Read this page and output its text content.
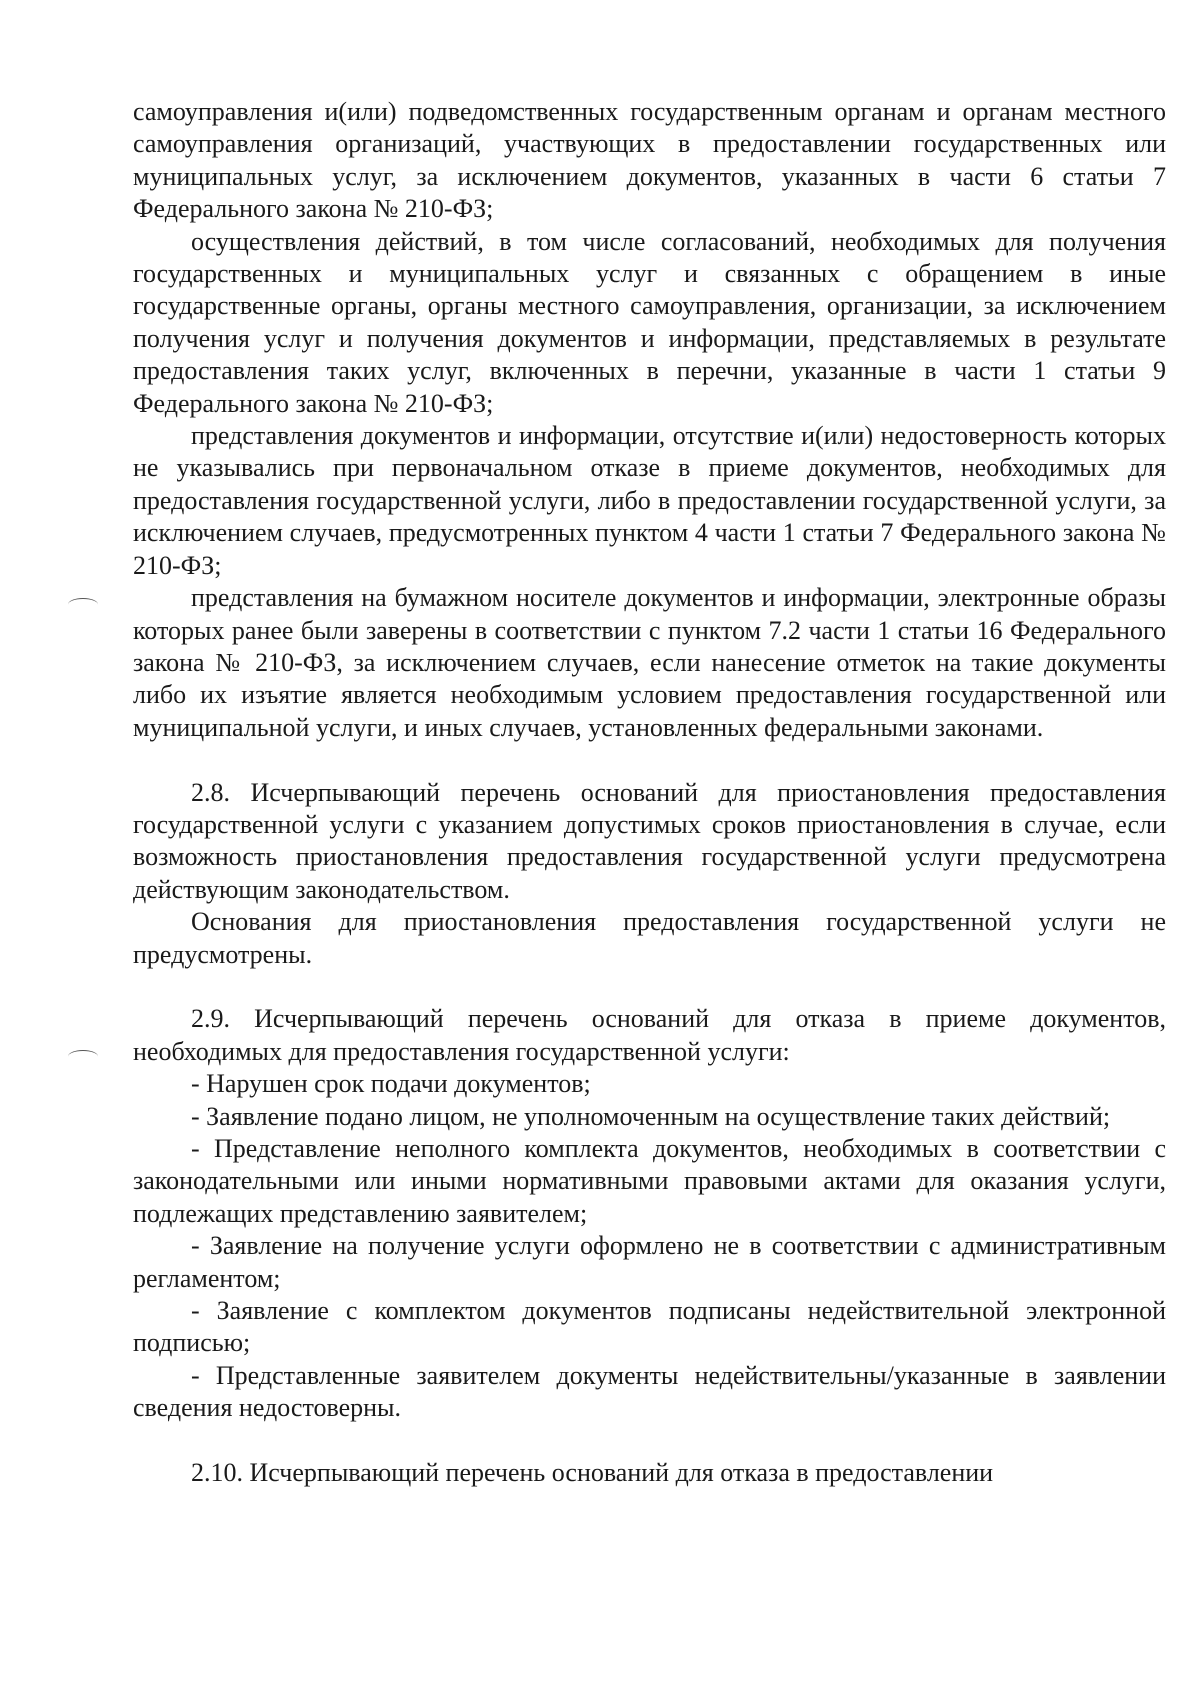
самоуправления и(или) подведомственных государственным органам и органам местного самоуправления организаций, участвующих в предоставлении государственных или муниципальных услуг, за исключением документов, указанных в части 6 статьи 7 Федерального закона № 210-ФЗ;

осуществления действий, в том числе согласований, необходимых для получения государственных и муниципальных услуг и связанных с обращением в иные государственные органы, органы местного самоуправления, организации, за исключением получения услуг и получения документов и информации, представляемых в результате предоставления таких услуг, включенных в перечни, указанные в части 1 статьи 9 Федерального закона № 210-ФЗ;

представления документов и информации, отсутствие и(или) недостоверность которых не указывались при первоначальном отказе в приеме документов, необходимых для предоставления государственной услуги, либо в предоставлении государственной услуги, за исключением случаев, предусмотренных пунктом 4 части 1 статьи 7 Федерального закона № 210-ФЗ;

представления на бумажном носителе документов и информации, электронные образы которых ранее были заверены в соответствии с пунктом 7.2 части 1 статьи 16 Федерального закона № 210-ФЗ, за исключением случаев, если нанесение отметок на такие документы либо их изъятие является необходимым условием предоставления государственной или муниципальной услуги, и иных случаев, установленных федеральными законами.

2.8. Исчерпывающий перечень оснований для приостановления предоставления государственной услуги с указанием допустимых сроков приостановления в случае, если возможность приостановления предоставления государственной услуги предусмотрена действующим законодательством.

Основания для приостановления предоставления государственной услуги не предусмотрены.

2.9. Исчерпывающий перечень оснований для отказа в приеме документов, необходимых для предоставления государственной услуги:

- Нарушен срок подачи документов;

- Заявление подано лицом, не уполномоченным на осуществление таких действий;

- Представление неполного комплекта документов, необходимых в соответствии с законодательными или иными нормативными правовыми актами для оказания услуги, подлежащих представлению заявителем;

- Заявление на получение услуги оформлено не в соответствии с административным регламентом;

- Заявление с комплектом документов подписаны недействительной электронной подписью;

- Представленные заявителем документы недействительны/указанные в заявлении сведения недостоверны.

2.10. Исчерпывающий перечень оснований для отказа в предоставлении
